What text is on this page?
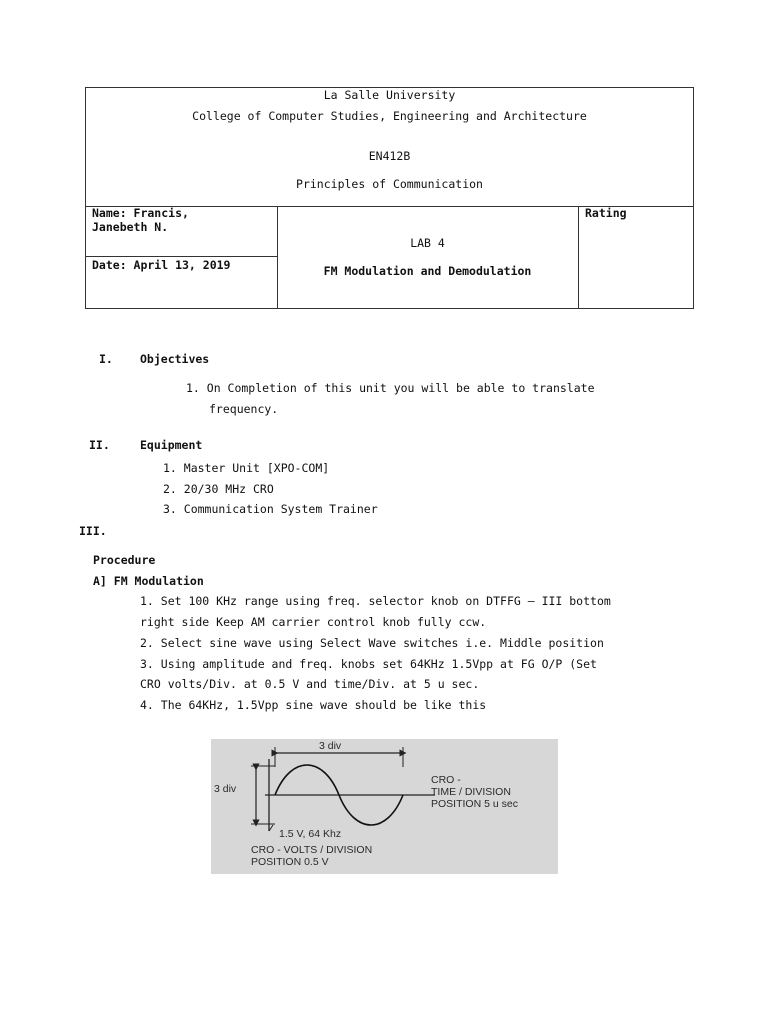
La Salle University
College of Computer Studies, Engineering and Architecture
EN412B
Principles of Communication
Name: Francis,
Janebeth N.
Date: April 13, 2019
LAB 4
FM Modulation and Demodulation
Rating
I. Objectives
1. On Completion of this unit you will be able to translate
frequency.
II.	Equipment
1. Master Unit [XPO-COM]
2. 20/30 MHz CRO
3. Communication System Trainer
III.
Procedure
A] FM Modulation
1. Set 100 KHz range using freq. selector knob on DTFFG – III bottom
right side Keep AM carrier control knob fully ccw.
2. Select sine wave using Select Wave switches i.e. Middle position
3. Using amplitude and freq. knobs set 64KHz 1.5Vpp at FG O/P (Set
CRO volts/Div. at 0.5 V and time/Div. at 5 u sec.
4. The 64KHz, 1.5Vpp sine wave should be like this
3 div
3 div
1.5 V, 64 Khz
CRO - VOLTS / DIVISION
POSITION 0.5 V
CRO -
TIME / DIVISION
POSITION 5 u sec
